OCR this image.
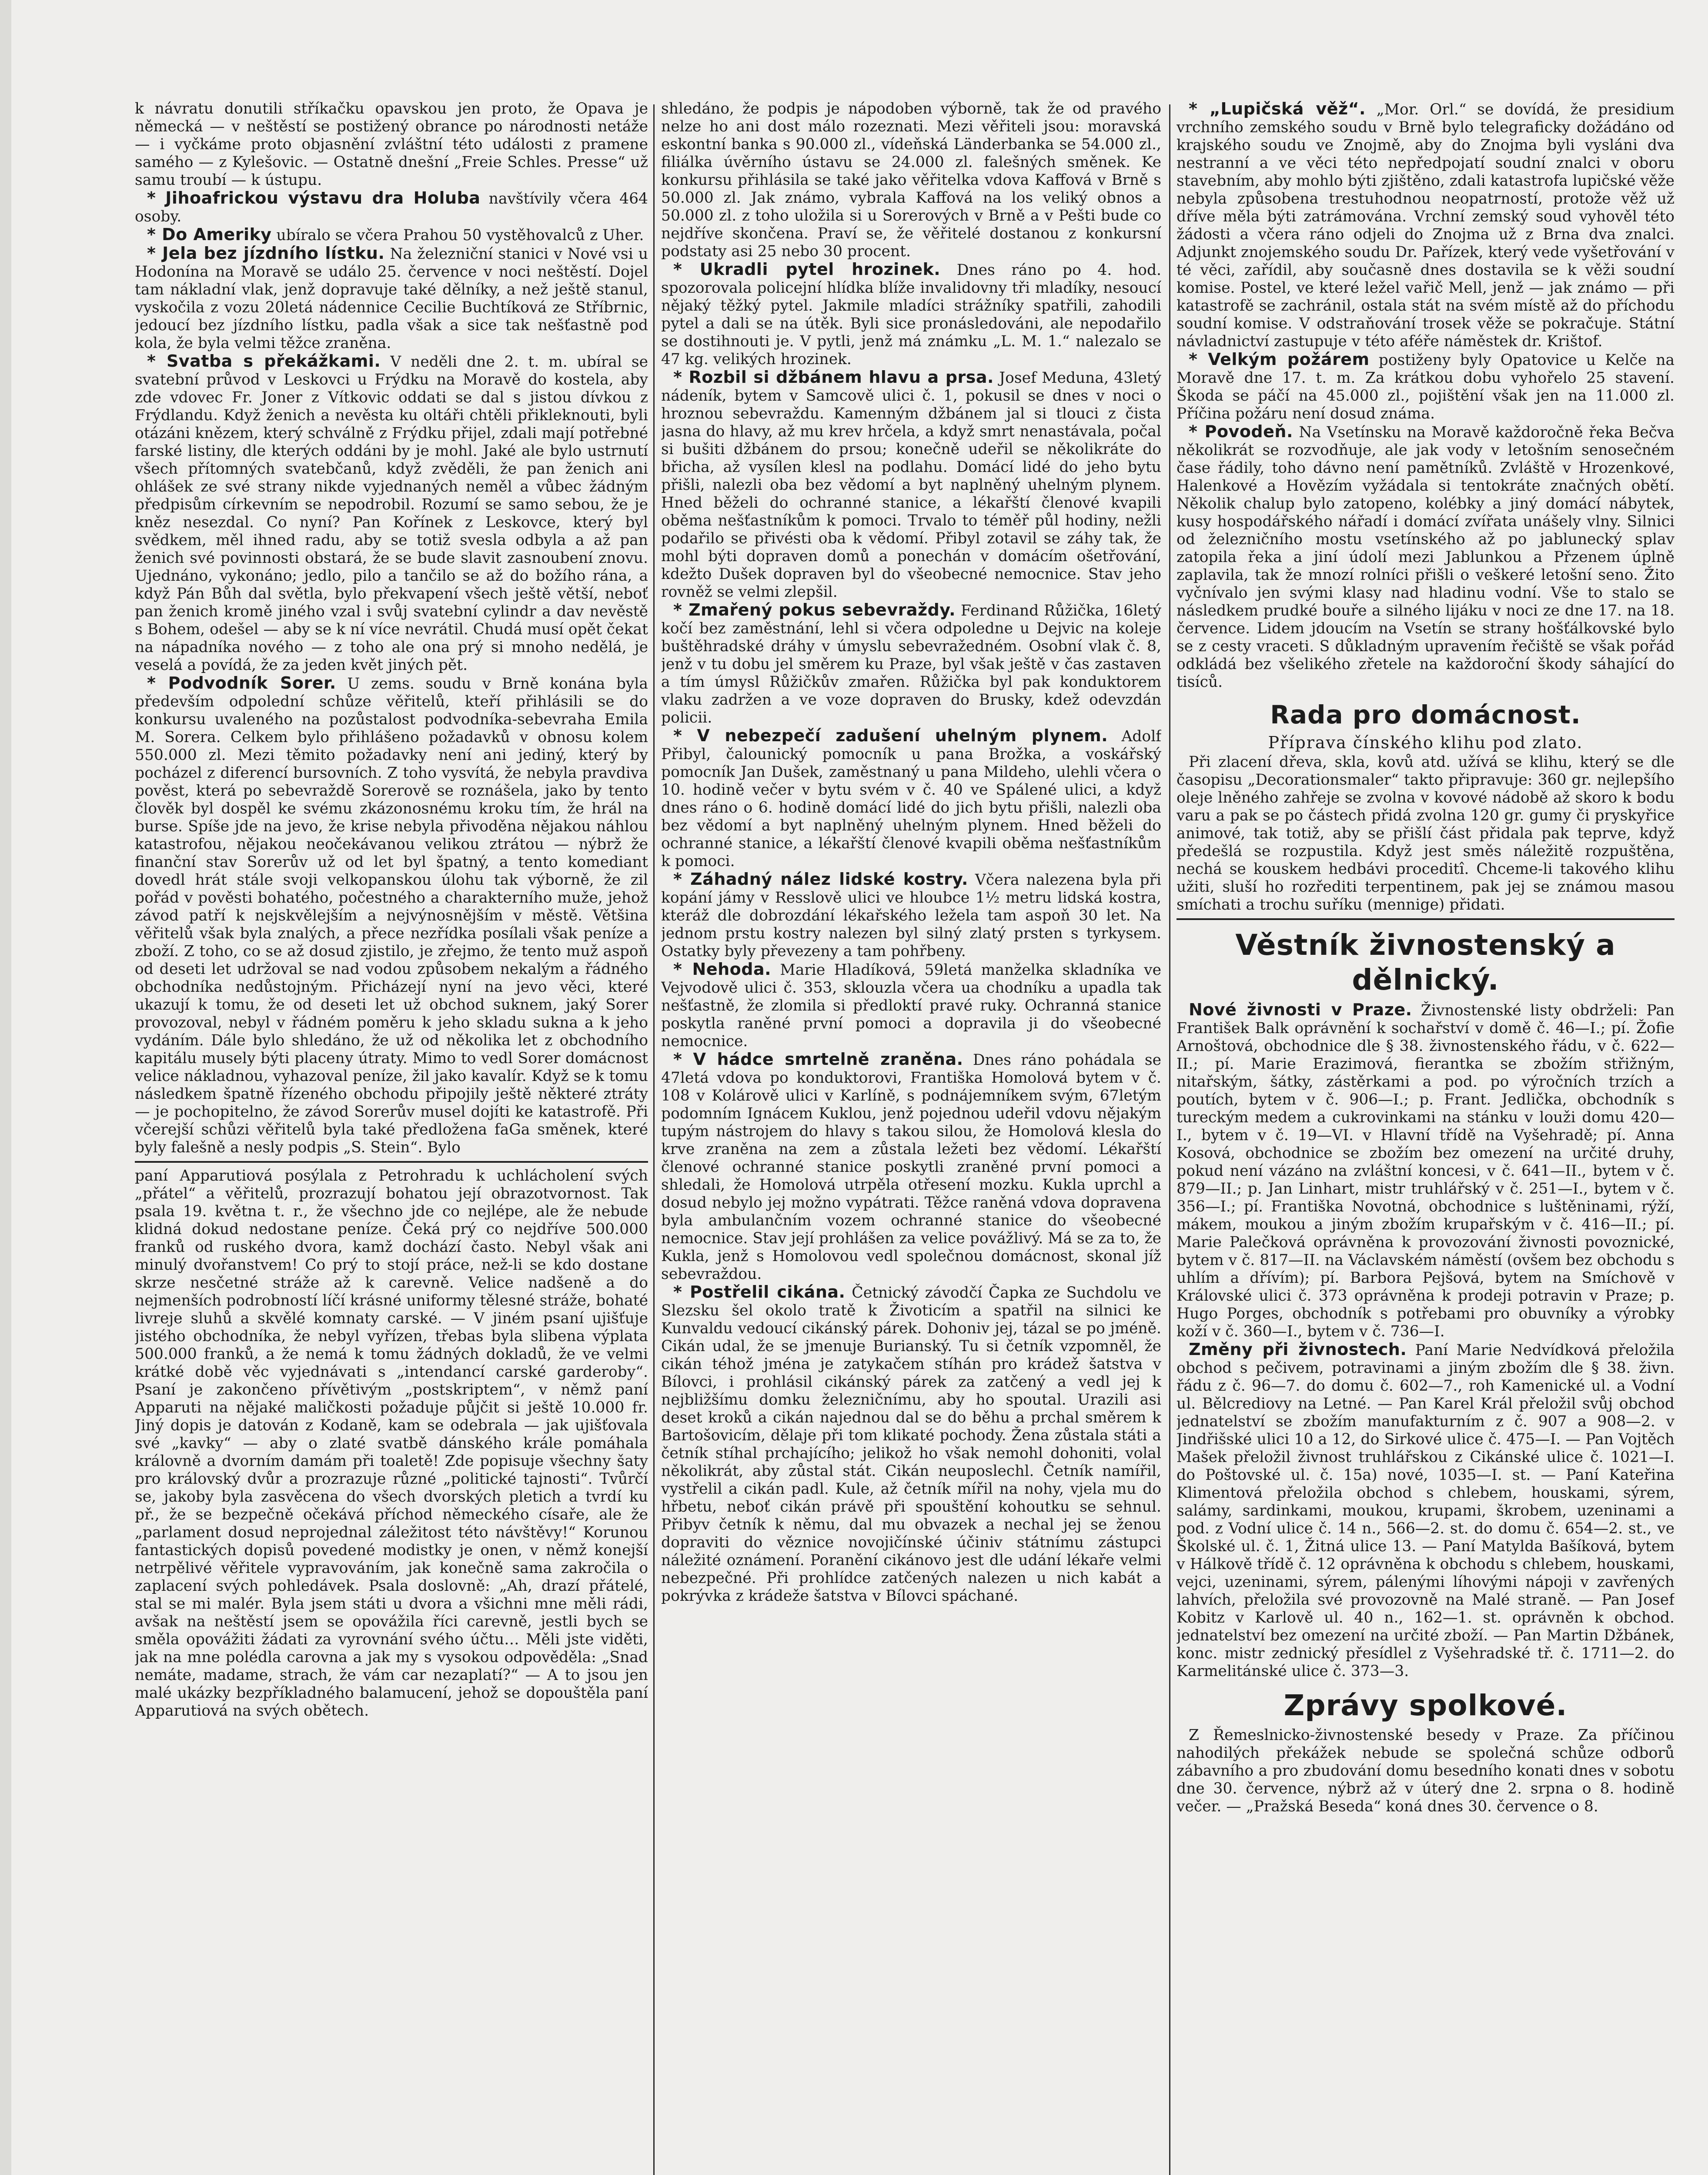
k návratu donutili stříkačku opavskou jen proto, že Opava je německá — v neštěstí se postižený obrance po národnosti netáže — i vyčkáme proto objasnění zvláštní této události z pramene samého — z Kylešovic. — Ostatně dnešní „Freie Schles. Presse“ už samu troubí — k ústupu.

* Jihoafrickou výstavu dra Holuba navštívily včera 464 osoby.

* Do Ameriky ubíralo se včera Prahou 50 vystěhovalců z Uher.

* Jela bez jízdního lístku. Na železniční stanici v Nové vsi u Hodonína na Moravě se událo 25. července v noci neštěstí. Dojel tam nákladní vlak, jenž dopravuje také dělníky, a než ještě stanul, vyskočila z vozu 20letá nádennice Cecilie Buchtíková ze Stříbrnic, jedoucí bez jízdního lístku, padla však a sice tak nešťastně pod kola, že byla velmi těžce zraněna.

* Svatba s překážkami. V neděli dne 2. t. m. ubíral se svatební průvod v Leskovci u Frýdku na Moravě do kostela, aby zde vdovec Fr. Joner z Vítkovic oddati se dal s jistou dívkou z Frýdlandu. Když ženich a nevěsta ku oltáři chtěli přikleknouti, byli otázáni knězem, který schválně z Frýdku přijel, zdali mají potřebné farské listiny, dle kterých oddáni by je mohl. Jaké ale bylo ustrnutí všech přítomných svatebčanů, když zvěděli, že pan ženich ani ohlášek ze své strany nikde vyjednaných neměl a vůbec žádným předpisům církevním se nepodrobil. Rozumí se samo sebou, že je kněz nesezdal. Co nyní? Pan Kořínek z Leskovce, který byl svědkem, měl ihned radu, aby se totiž svesla odbyla a až pan ženich své povinnosti obstará, že se bude slavit zasnoubení znovu. Ujednáno, vykonáno; jedlo, pilo a tančilo se až do božího rána, a když Pán Bůh dal světla, bylo překvapení všech ještě větší, neboť pan ženich kromě jiného vzal i svůj svatební cylindr a dav nevěstě s Bohem, odešel — aby se k ní více nevrátil. Chudá musí opět čekat na nápadníka nového — z toho ale ona prý si mnoho nedělá, je veselá a povídá, že za jeden květ jiných pět.

* Podvodník Sorer. U zems. soudu v Brně konána byla především odpolední schůze věřitelů, kteří přihlásili se do konkursu uvaleného na pozůstalost podvodníka-sebevraha Emila M. Sorera. Celkem bylo přihlášeno požadavků v obnosu kolem 550.000 zl. Mezi těmito požadavky není ani jediný, který by pocházel z diferencí bursovních. Z toho vysvítá, že nebyla pravdiva pověst, která po sebevraždě Sorerově se roznášela, jako by tento člověk byl dospěl ke svému zkázonosnému kroku tím, že hrál na burse. Spíše jde na jevo, že krise nebyla přivoděna nějakou náhlou katastrofou, nějakou neočekávanou velikou ztrátou — nýbrž že finanční stav Sorerův už od let byl špatný, a tento komediant dovedl hrát stále svoji velkopanskou úlohu tak výborně, že zil pořád v pověsti bohatého, počestného a charakterního muže, jehož závod patří k nejskvělejším a nejvýnosnějším v městě. Většina věřitelů však byla znalých, a přece nezřídka posílali však peníze a zboží. Z toho, co se až dosud zjistilo, je zřejmo, že tento muž aspoň od deseti let udržoval se nad vodou způsobem nekalým a řádného obchodníka nedůstojným. Přicházejí nyní na jevo věci, které ukazují k tomu, že od deseti let už obchod suknem, jaký Sorer provozoval, nebyl v řádném poměru k jeho skladu sukna a k jeho vydáním. Dále bylo shledáno, že už od několika let z obchodního kapitálu musely býti placeny útraty. Mimo to vedl Sorer domácnost velice nákladnou, vyhazoval peníze, žil jako kavalír. Když se k tomu následkem špatně řízeného obchodu připojily ještě některé ztráty — je pochopitelno, že závod Sorerův musel dojíti ke katastrofě. Při včerejší schůzi věřitelů byla také předložena faGa směnek, které byly falešně a nesly podpis „S. Stein“. Bylo

paní Apparutiová posýlala z Petrohradu k uchlácholení svých „přátel“ a věřitelů, prozrazují bohatou její obrazotvornost. Tak psala 19. května t. r., že všechno jde co nejlépe, ale že nebude klidná dokud nedostane peníze. Čeká prý co nejdříve 500.000 franků od ruského dvora, kamž dochází často. Nebyl však ani minulý dvořanstvem! Co prý to stojí práce, než-li se kdo dostane skrze nesčetné stráže až k carevně. Velice nadšeně a do nejmenších podrobností líčí krásné uniformy tělesné stráže, bohaté livreje sluhů a skvělé komnaty carské. — V jiném psaní ujišťuje jistého obchodníka, že nebyl vyřízen, třebas byla slibena výplata 500.000 franků, a že nemá k tomu žádných dokladů, že ve velmi krátké době věc vyjednávati s „intendancí carské garderoby“. Psaní je zakončeno přívětivým „postskriptem“, v němž paní Apparuti na nějaké maličkosti požaduje půjčit si ještě 10.000 fr. Jiný dopis je datován z Kodaně, kam se odebrala — jak ujišťovala své „kavky“ — aby o zlaté svatbě dánského krále pomáhala královně a dvorním damám při toaletě! Zde popisuje všechny šaty pro královský dvůr a prozrazuje různé „politické tajnosti“. Tvůrčí se, jakoby byla zasvěcena do všech dvorských pletich a tvrdí ku př., že se bezpečně očekává příchod německého císaře, ale že „parlament dosud neprojednal záležitost této návštěvy!“ Korunou fantastických dopisů povedené modistky je onen, v němž konejší netrpělivé věřitele vypravováním, jak konečně sama zakročila o zaplacení svých pohledávek. Psala doslovně: „Ah, drazí přátelé, stal se mi malér. Byla jsem státi u dvora a všichni mne měli rádi, avšak na neštěstí jsem se opovážila říci carevně, jestli bych se směla opovážiti žádati za vyrovnání svého účtu… Měli jste viděti, jak na mne polédla carovna a jak my s vysokou odpověděla: „Snad nemáte, madame, strach, že vám car nezaplatí?“ — A to jsou jen malé ukázky bezpříkladného balamucení, jehož se dopouštěla paní Apparutiová na svých obětech.

shledáno, že podpis je nápodoben výborně, tak že od pravého nelze ho ani dost málo rozeznati. Mezi věřiteli jsou: moravská eskontní banka s 90.000 zl., vídeňská Länderbanka se 54.000 zl., filiálka úvěrního ústavu se 24.000 zl. falešných směnek. Ke konkursu přihlásila se také jako věřitelka vdova Kaffová v Brně s 50.000 zl. Jak známo, vybrala Kaffová na los veliký obnos a 50.000 zl. z toho uložila si u Sorerových v Brně a v Pešti bude co nejdříve skončena. Praví se, že věřitelé dostanou z konkursní podstaty asi 25 nebo 30 procent.

* Ukradli pytel hrozinek. Dnes ráno po 4. hod. spozorovala policejní hlídka blíže invalidovny tři mladíky, nesoucí nějaký těžký pytel. Jakmile mladíci strážníky spatřili, zahodili pytel a dali se na útěk. Byli sice pronásledováni, ale nepodařilo se dostihnouti je. V pytli, jenž má známku „L. M. 1.“ nalezalo se 47 kg. velikých hrozinek.

* Rozbil si džbánem hlavu a prsa. Josef Meduna, 43letý nádeník, bytem v Samcově ulici č. 1, pokusil se dnes v noci o hroznou sebevraždu. Kamenným džbánem jal si tlouci z čista jasna do hlavy, až mu krev hrčela, a když smrt nenastávala, počal si bušiti džbánem do prsou; konečně udeřil se několikráte do břicha, až vysílen klesl na podlahu. Domácí lidé do jeho bytu přišli, nalezli oba bez vědomí a byt naplněný uhelným plynem. Hned běželi do ochranné stanice, a lékařští členové kvapili oběma nešťastníkům k pomoci. Trvalo to téměř půl hodiny, nežli podařilo se přivésti oba k vědomí. Přibyl zotavil se záhy tak, že mohl býti dopraven domů a ponechán v domácím ošetřování, kdežto Dušek dopraven byl do všeobecné nemocnice. Stav jeho rovněž se velmi zlepšil.

* Zmařený pokus sebevraždy. Ferdinand Růžička, 16letý kočí bez zaměstnání, lehl si včera odpoledne u Dejvic na koleje buštěhradské dráhy v úmyslu sebevražedném. Osobní vlak č. 8, jenž v tu dobu jel směrem ku Praze, byl však ještě v čas zastaven a tím úmysl Růžičkův zmařen. Růžička byl pak konduktorem vlaku zadržen a ve voze dopraven do Brusky, kdež odevzdán policii.

* V nebezpečí zadušení uhelným plynem. Adolf Přibyl, čalounický pomocník u pana Brožka, a voskářský pomocník Jan Dušek, zaměstnaný u pana Mildeho, ulehli včera o 10. hodině večer v bytu svém v č. 40 ve Spálené ulici, a když dnes ráno o 6. hodině domácí lidé do jich bytu přišli, nalezli oba bez vědomí a byt naplněný uhelným plynem. Hned běželi do ochranné stanice, a lékařští členové kvapili oběma nešťastníkům k pomoci.

* Záhadný nález lidské kostry. Včera nalezena byla při kopání jámy v Resslově ulici ve hloubce 1½ metru lidská kostra, kteráž dle dobrozdání lékařského ležela tam aspoň 30 let. Na jednom prstu kostry nalezen byl silný zlatý prsten s tyrkysem. Ostatky byly převezeny a tam pohřbeny.

* Nehoda. Marie Hladíková, 59letá manželka skladníka ve Vejvodově ulici č. 353, sklouzla včera ua chodníku a upadla tak nešťastně, že zlomila si předloktí pravé ruky. Ochranná stanice poskytla raněné první pomoci a dopravila ji do všeobecné nemocnice.

* V hádce smrtelně zraněna. Dnes ráno pohádala se 47letá vdova po konduktorovi, Františka Homolová bytem v č. 108 v Kolárově ulici v Karlíně, s podnájemníkem svým, 67letým podomním Ignácem Kuklou, jenž pojednou udeřil vdovu nějakým tupým nástrojem do hlavy s takou silou, že Homolová klesla do krve zraněna na zem a zůstala ležeti bez vědomí. Lékařští členové ochranné stanice poskytli zraněné první pomoci a shledali, že Homolová utrpěla otřesení mozku. Kukla uprchl a dosud nebylo jej možno vypátrati. Těžce raněná vdova dopravena byla ambulančním vozem ochranné stanice do všeobecné nemocnice. Stav její prohlášen za velice povážlivý. Má se za to, že Kukla, jenž s Homolovou vedl společnou domácnost, skonal jíž sebevraždou.

* Postřelil cikána. Četnický závodčí Čapka ze Suchdolu ve Slezsku šel okolo tratě k Životicím a spatřil na silnici ke Kunvaldu vedoucí cikánský párek. Dohoniv jej, tázal se po jméně. Cikán udal, že se jmenuje Burianský. Tu si četník vzpomněl, že cikán téhož jména je zatykačem stíhán pro krádež šatstva v Bílovci, i prohlásil cikánský párek za zatčený a vedl jej k nejbližšímu domku železničnímu, aby ho spoutal. Urazili asi deset kroků a cikán najednou dal se do běhu a prchal směrem k Bartošovicím, dělaje při tom klikaté pochody. Žena zůstala státi a četník stíhal prchajícího; jelikož ho však nemohl dohoniti, volal několikrát, aby zůstal stát. Cikán neuposlechl. Četník namířil, vystřelil a cikán padl. Kule, až četník mířil na nohy, vjela mu do hřbetu, neboť cikán právě při spouštění kohoutku se sehnul. Přibyv četník k němu, dal mu obvazek a nechal jej se ženou dopraviti do věznice novojičínské účiniv státnímu zástupci náležité oznámení. Poranění cikánovo jest dle udání lékaře velmi nebezpečné. Při prohlídce zatčených nalezen u nich kabát a pokrývka z krádeže šatstva v Bílovci spáchané.

* „Lupičská věž“. „Mor. Orl.“ se dovídá, že presidium vrchního zemského soudu v Brně bylo telegraficky dožádáno od krajského soudu ve Znojmě, aby do Znojma byli vysláni dva nestranní a ve věci této nepředpojatí soudní znalci v oboru stavebním, aby mohlo býti zjištěno, zdali katastrofa lupičské věže nebyla způsobena trestuhodnou neopatrností, protože věž už dříve měla býti zatrámována. Vrchní zemský soud vyhověl této žádosti a včera ráno odjeli do Znojma už z Brna dva znalci. Adjunkt znojemského soudu Dr. Pařízek, který vede vyšetřování v té věci, zařídil, aby současně dnes dostavila se k věži soudní komise. Postel, ve které ležel vařič Mell, jenž — jak známo — při katastrofě se zachránil, ostala stát na svém místě až do příchodu soudní komise. V odstraňování trosek věže se pokračuje. Státní návladnictví zastupuje v této aféře náměstek dr. Krištof.

* Velkým požárem postiženy byly Opatovice u Kelče na Moravě dne 17. t. m. Za krátkou dobu vyhořelo 25 stavení. Škoda se páčí na 45.000 zl., pojištění však jen na 11.000 zl. Příčina požáru není dosud známa.

* Povodeň. Na Vsetínsku na Moravě každoročně řeka Bečva několikrát se rozvodňuje, ale jak vody v letošním senosečném čase řádily, toho dávno není pamětníků. Zvláště v Hrozenkové, Halenkové a Hovězím vyžádala si tentokráte značných obětí. Několik chalup bylo zatopeno, kolébky a jiný domácí nábytek, kusy hospodářského nářadí i domácí zvířata unášely vlny. Silnici od železničního mostu vsetínského až po jablunecký splav zatopila řeka a jiní údolí mezi Jablunkou a Přzenem úplně zaplavila, tak že mnozí rolníci přišli o veškeré letošní seno. Žito vyčnívalo jen svými klasy nad hladinu vodní. Vše to stalo se následkem prudké bouře a silného lijáku v noci ze dne 17. na 18. července. Lidem jdoucím na Vsetín se strany hošťálkovské bylo se z cesty vraceti. S důkladným upravením řečiště se však pořád odkládá bez všelikého zřetele na každoroční škody sáhající do tisíců.

Rada pro domácnost.
Příprava čínského klihu pod zlato.

Při zlacení dřeva, skla, kovů atd. užívá se klihu, který se dle časopisu „Decorationsmaler“ takto připravuje: 360 gr. nejlepšího oleje lněného zahřeje se zvolna v kovové nádobě až skoro k bodu varu a pak se po částech přidá zvolna 120 gr. gumy či pryskyřice animové, tak totiž, aby se přišlí část přidala pak teprve, když předešlá se rozpustila. Když jest směs náležitě rozpuštěna, nechá se kouskem hedbávi proceditî. Chceme-li takového klihu užiti, sluší ho rozřediti terpentinem, pak jej se známou masou smíchati a trochu suříku (mennige) přidati.

Věstník živnostenský a dělnický.

Nové živnosti v Praze. Živnostenské listy obdrželi: Pan František Balk oprávnění k sochařství v domě č. 46—I.; pí. Žofie Arnoštová, obchodnice dle § 38. živnostenského řádu, v č. 622—II.; pí. Marie Erazimová, fierantka se zbožím střižným, nitařským, šátky, zástěrkami a pod. po výročních trzích a poutích, bytem v č. 906—I.; p. Frant. Jedlička, obchodník s tureckým medem a cukrovinkami na stánku v louži domu 420—I., bytem v č. 19—VI. v Hlavní třídě na Vyšehradě; pí. Anna Kosová, obchodnice se zbožím bez omezení na určité druhy, pokud není vázáno na zvláštní koncesi, v č. 641—II., bytem v č. 879—II.; p. Jan Linhart, mistr truhlářský v č. 251—I., bytem v č. 356—I.; pí. Františka Novotná, obchodnice s luštěninami, rýží, mákem, moukou a jiným zbožím krupařským v č. 416—II.; pí. Marie Palečková oprávněna k provozování živnosti povoznické, bytem v č. 817—II. na Václavském náměstí (ovšem bez obchodu s uhlím a dřívím); pí. Barbora Pejšová, bytem na Smíchově v Královské ulici č. 373 oprávněna k prodeji potravin v Praze; p. Hugo Porges, obchodník s potřebami pro obuvníky a výrobky koží v č. 360—I., bytem v č. 736—I.

Změny při živnostech. Paní Marie Nedvídková přeložila obchod s pečivem, potravinami a jiným zbožím dle § 38. živn. řádu z č. 96—7. do domu č. 602—7., roh Kamenické ul. a Vodní ul. Bělcrediovy na Letné. — Pan Karel Král přeložil svůj obchod jednatelství se zbožím manufakturním z č. 907 a 908—2. v Jindřišské ulici 10 a 12, do Sirkové ulice č. 475—I. — Pan Vojtěch Mašek přeložil živnost truhlářskou z Cikánské ulice č. 1021—I. do Poštovské ul. č. 15a) nové, 1035—I. st. — Paní Kateřina Klimentová přeložila obchod s chlebem, houskami, sýrem, salámy, sardinkami, moukou, krupami, škrobem, uzeninami a pod. z Vodní ulice č. 14 n., 566—2. st. do domu č. 654—2. st., ve Školské ul. č. 1, Žitná ulice 13. — Paní Matylda Bašíková, bytem v Hálkově třídě č. 12 oprávněna k obchodu s chlebem, houskami, vejci, uzeninami, sýrem, pálenými líhovými nápoji v zavřených lahvích, přeložila své provozovně na Malé straně. — Pan Josef Kobitz v Karlově ul. 40 n., 162—1. st. oprávněn k obchod. jednatelství bez omezení na určité zboží. — Pan Martin Džbánek, konc. mistr zednický přesídlel z Vyšehradské tř. č. 1711—2. do Karmelitánské ulice č. 373—3.

Zprávy spolkové.

Z Řemeslnicko-živnostenské besedy v Praze. Za příčinou nahodilých překážek nebude se společná schůze odborů zábavního a pro zbudování domu besedního konati dnes v sobotu dne 30. července, nýbrž až v úterý dne 2. srpna o 8. hodině večer. — „Pražská Beseda“ koná dnes 30. července o 8.
